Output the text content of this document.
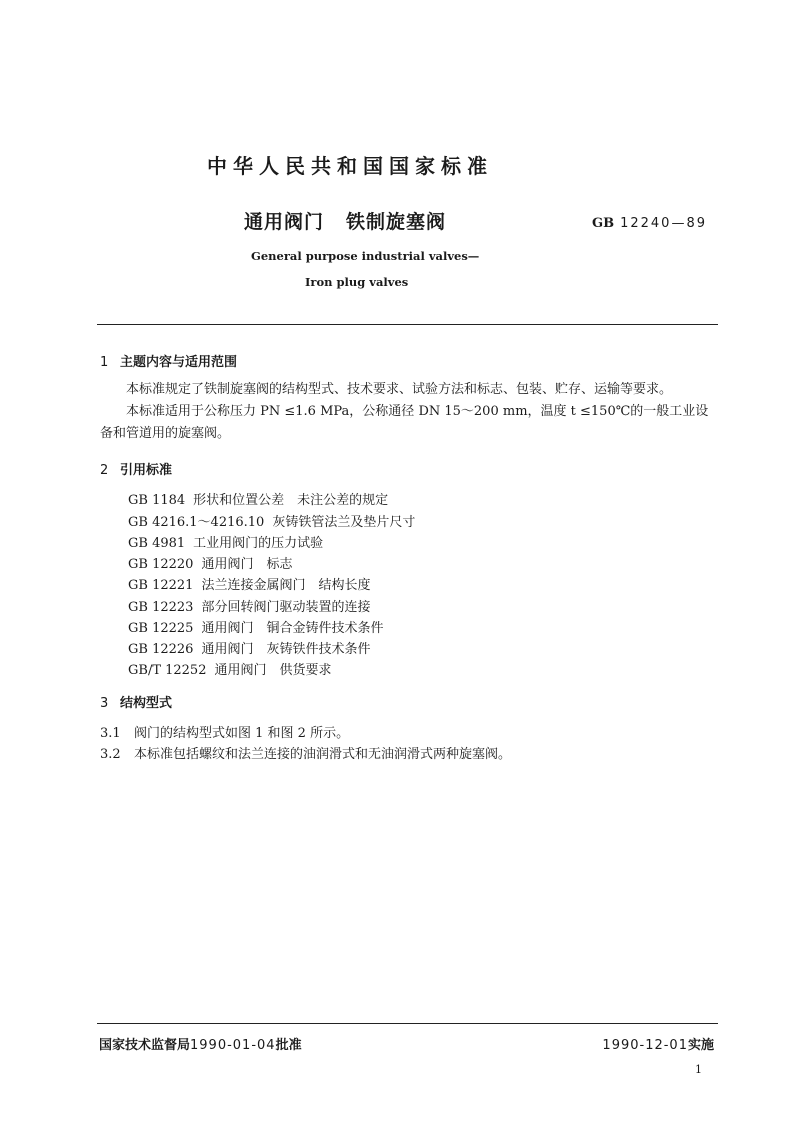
中华人民共和国国家标准
通用阀门 铁制旋塞阀	GB 12240—89
General purpose industrial valves—
Iron plug valves
1 主题内容与适用范围
本标准规定了铁制旋塞阀的结构型式、技术要求、试验方法和标志、包装、贮存、运输等要求。
本标准适用于公称压力 PN ≤1.6 MPa，公称通径 DN 15～200 mm，温度 t ≤150℃的一般工业设备和管道用的旋塞阀。
2 引用标准
GB 1184 形状和位置公差　未注公差的规定
GB 4216.1～4216.10 灰铸铁管法兰及垫片尺寸
GB 4981 工业用阀门的压力试验
GB 12220 通用阀门　标志
GB 12221 法兰连接金属阀门　结构长度
GB 12223 部分回转阀门驱动装置的连接
GB 12225 通用阀门　铜合金铸件技术条件
GB 12226 通用阀门　灰铸铁件技术条件
GB/T 12252 通用阀门　供货要求
3 结构型式
3.1 阀门的结构型式如图 1 和图 2 所示。
3.2 本标准包括螺纹和法兰连接的油润滑式和无油润滑式两种旋塞阀。
国家技术监督局1990-01-04批准	1990-12-01实施
1
